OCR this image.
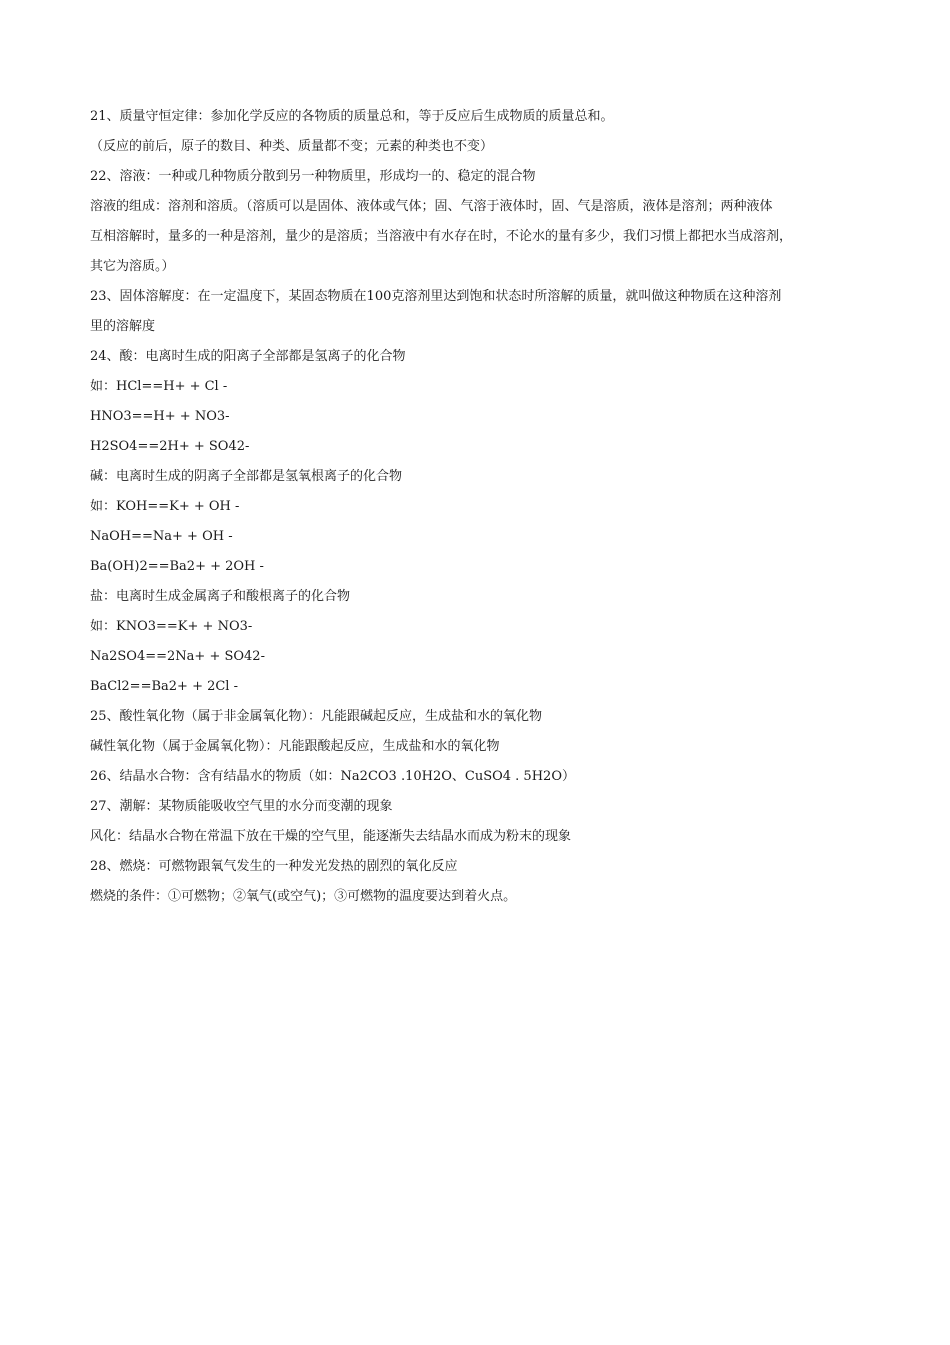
21、质量守恒定律：参加化学反应的各物质的质量总和，等于反应后生成物质的质量总和。
（反应的前后，原子的数目、种类、质量都不变；元素的种类也不变）
22、溶液：一种或几种物质分散到另一种物质里，形成均一的、稳定的混合物
溶液的组成：溶剂和溶质。（溶质可以是固体、液体或气体；固、气溶于液体时，固、气是溶质，液体是溶剂；两种液体
互相溶解时，量多的一种是溶剂，量少的是溶质；当溶液中有水存在时，不论水的量有多少，我们习惯上都把水当成溶剂，
其它为溶质。）
23、固体溶解度：在一定温度下，某固态物质在100克溶剂里达到饱和状态时所溶解的质量，就叫做这种物质在这种溶剂
里的溶解度
24、酸：电离时生成的阳离子全部都是氢离子的化合物
如：HCl==H+ + Cl -
HNO3==H+ + NO3-
H2SO4==2H+ + SO42-
碱：电离时生成的阴离子全部都是氢氧根离子的化合物
如：KOH==K+ + OH -
NaOH==Na+ + OH -
Ba(OH)2==Ba2+ + 2OH -
盐：电离时生成金属离子和酸根离子的化合物
如：KNO3==K+ + NO3-
Na2SO4==2Na+ + SO42-
BaCl2==Ba2+ + 2Cl -
25、酸性氧化物（属于非金属氧化物）：凡能跟碱起反应，生成盐和水的氧化物
碱性氧化物（属于金属氧化物）：凡能跟酸起反应，生成盐和水的氧化物
26、结晶水合物：含有结晶水的物质（如：Na2CO3 .10H2O、CuSO4 . 5H2O）
27、潮解：某物质能吸收空气里的水分而变潮的现象
风化：结晶水合物在常温下放在干燥的空气里，能逐渐失去结晶水而成为粉末的现象
28、燃烧：可燃物跟氧气发生的一种发光发热的剧烈的氧化反应
燃烧的条件：①可燃物；②氧气(或空气)；③可燃物的温度要达到着火点。
